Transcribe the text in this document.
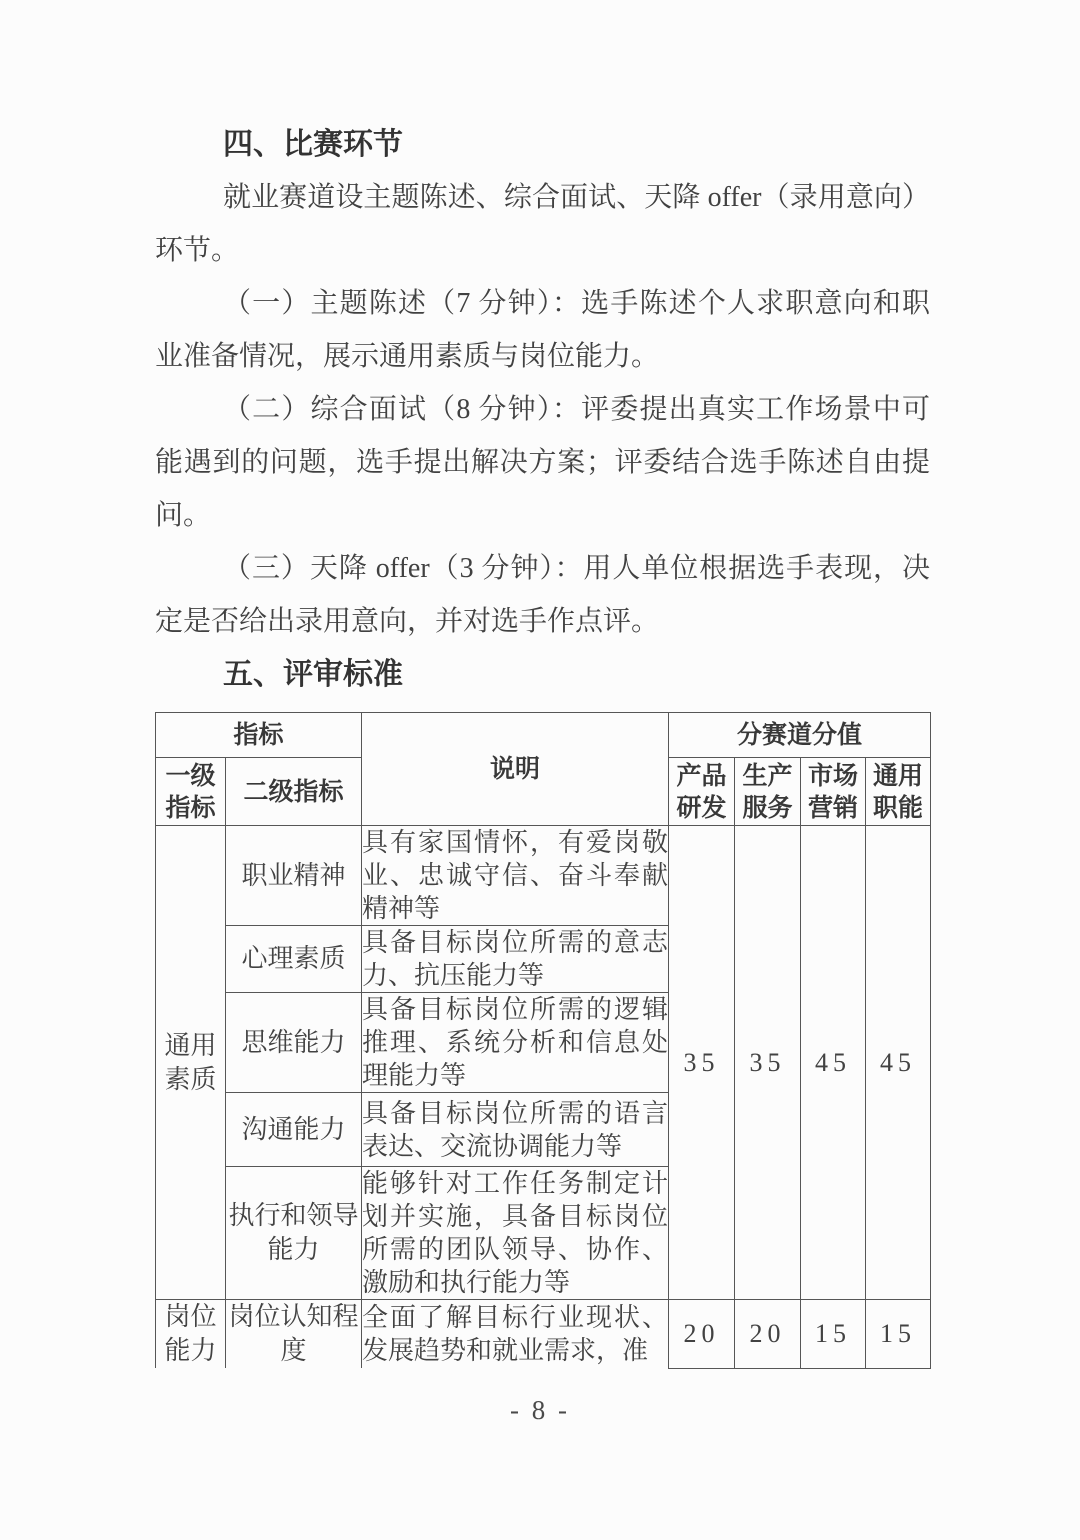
四、比赛环节
就业赛道设主题陈述、综合面试、天降 offer（录用意向）
环节。
（一）主题陈述（7 分钟）：选手陈述个人求职意向和职
业准备情况，展示通用素质与岗位能力。
（二）综合面试（8 分钟）：评委提出真实工作场景中可
能遇到的问题，选手提出解决方案；评委结合选手陈述自由提
问。
（三）天降 offer（3 分钟）：用人单位根据选手表现，决
定是否给出录用意向，并对选手作点评。
五、评审标准
指标		说明	分赛道分值			
一级指标	二级指标		产品研发	生产服务	市场营销	通用职能
通用素质	职业精神	具有家国情怀，有爱岗敬业、忠诚守信、奋斗奉献精神等	35	35	45	45
	心理素质	具备目标岗位所需的意志力、抗压能力等				
	思维能力	具备目标岗位所需的逻辑推理、系统分析和信息处理能力等				
	沟通能力	具备目标岗位所需的语言表达、交流协调能力等				
	执行和领导能力	能够针对工作任务制定计划并实施，具备目标岗位所需的团队领导、协作、激励和执行能力等				
岗位能力	岗位认知程度	全面了解目标行业现状、发展趋势和就业需求，准	20	20	15	15
- 8 -
